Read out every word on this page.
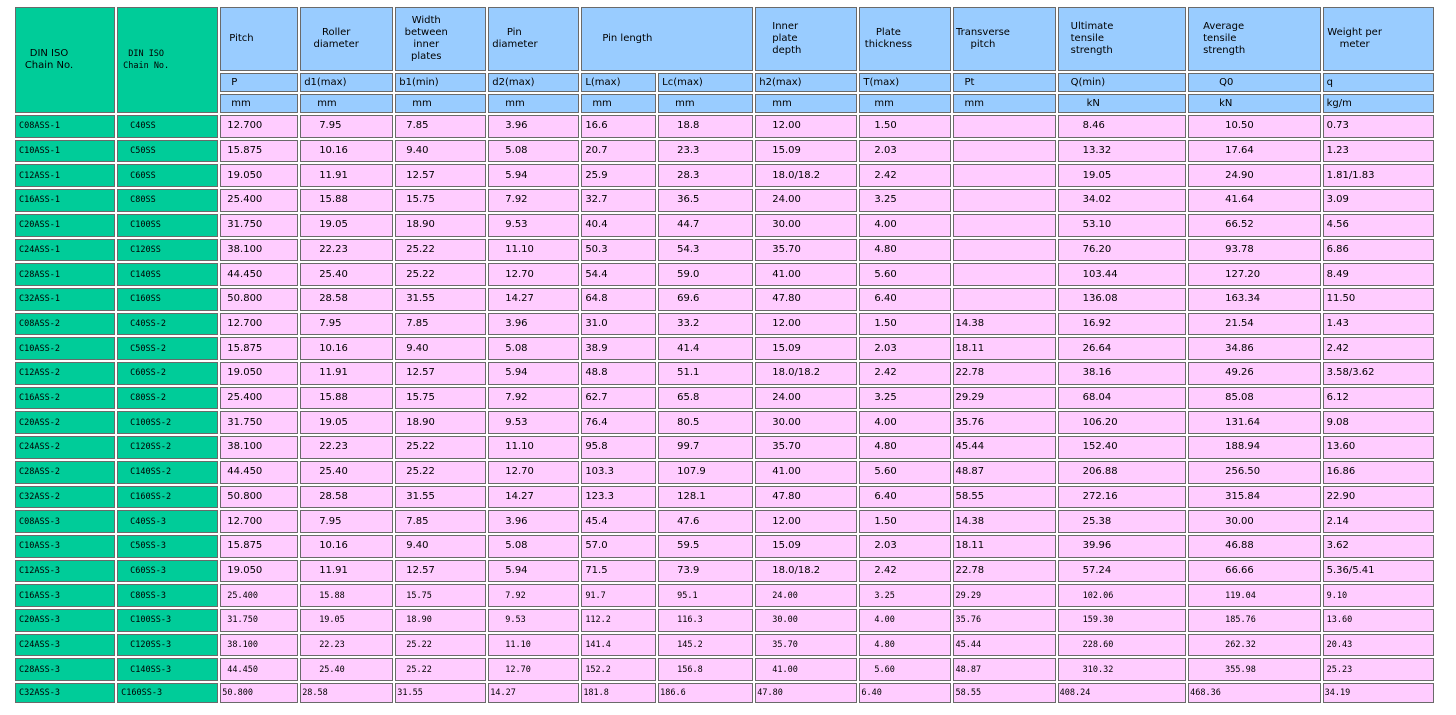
DIN ISO Chain No.	DIN ISO Chain No.	Pitch	Roller diameter	Width between inner plates	Pin diameter	Pin length		Inner plate depth	Plate thickness	Transverse pitch	Ultimate tensile strength	Average tensile strength	Weight per meter

		P	d1(max)	b1(min)	d2(max)	L(max)	Lc(max)	h2(max)	T(max)	Pt	Q(min)	Q0	q
		mm	mm	mm	mm	mm	mm	mm	mm	mm	kN	kN	kg/m
C08ASS-1	C40SS	12.700	7.95	7.85	3.96	16.6	18.8	12.00	1.50		8.46	10.50	0.73
C10ASS-1	C50SS	15.875	10.16	9.40	5.08	20.7	23.3	15.09	2.03		13.32	17.64	1.23
C12ASS-1	C60SS	19.050	11.91	12.57	5.94	25.9	28.3	18.0/18.2	2.42		19.05	24.90	1.81/1.83
C16ASS-1	C80SS	25.400	15.88	15.75	7.92	32.7	36.5	24.00	3.25		34.02	41.64	3.09
C20ASS-1	C100SS	31.750	19.05	18.90	9.53	40.4	44.7	30.00	4.00		53.10	66.52	4.56
C24ASS-1	C120SS	38.100	22.23	25.22	11.10	50.3	54.3	35.70	4.80		76.20	93.78	6.86
C28ASS-1	C140SS	44.450	25.40	25.22	12.70	54.4	59.0	41.00	5.60		103.44	127.20	8.49
C32ASS-1	C160SS	50.800	28.58	31.55	14.27	64.8	69.6	47.80	6.40		136.08	163.34	11.50
C08ASS-2	C40SS-2	12.700	7.95	7.85	3.96	31.0	33.2	12.00	1.50	14.38	16.92	21.54	1.43
C10ASS-2	C50SS-2	15.875	10.16	9.40	5.08	38.9	41.4	15.09	2.03	18.11	26.64	34.86	2.42
C12ASS-2	C60SS-2	19.050	11.91	12.57	5.94	48.8	51.1	18.0/18.2	2.42	22.78	38.16	49.26	3.58/3.62
C16ASS-2	C80SS-2	25.400	15.88	15.75	7.92	62.7	65.8	24.00	3.25	29.29	68.04	85.08	6.12
C20ASS-2	C100SS-2	31.750	19.05	18.90	9.53	76.4	80.5	30.00	4.00	35.76	106.20	131.64	9.08
C24ASS-2	C120SS-2	38.100	22.23	25.22	11.10	95.8	99.7	35.70	4.80	45.44	152.40	188.94	13.60
C28ASS-2	C140SS-2	44.450	25.40	25.22	12.70	103.3	107.9	41.00	5.60	48.87	206.88	256.50	16.86
C32ASS-2	C160SS-2	50.800	28.58	31.55	14.27	123.3	128.1	47.80	6.40	58.55	272.16	315.84	22.90
C08ASS-3	C40SS-3	12.700	7.95	7.85	3.96	45.4	47.6	12.00	1.50	14.38	25.38	30.00	2.14
C10ASS-3	C50SS-3	15.875	10.16	9.40	5.08	57.0	59.5	15.09	2.03	18.11	39.96	46.88	3.62
C12ASS-3	C60SS-3	19.050	11.91	12.57	5.94	71.5	73.9	18.0/18.2	2.42	22.78	57.24	66.66	5.36/5.41
C16ASS-3	C80SS-3	25.400	15.88	15.75	7.92	91.7	95.1	24.00	3.25	29.29	102.06	119.04	9.10
C20ASS-3	C100SS-3	31.750	19.05	18.90	9.53	112.2	116.3	30.00	4.00	35.76	159.30	185.76	13.60
C24ASS-3	C120SS-3	38.100	22.23	25.22	11.10	141.4	145.2	35.70	4.80	45.44	228.60	262.32	20.43
C28ASS-3	C140SS-3	44.450	25.40	25.22	12.70	152.2	156.8	41.00	5.60	48.87	310.32	355.98	25.23
C32ASS-3	C160SS-3	50.800	28.58	31.55	14.27	181.8	186.6	47.80	6.40	58.55	408.24	468.36	34.19
